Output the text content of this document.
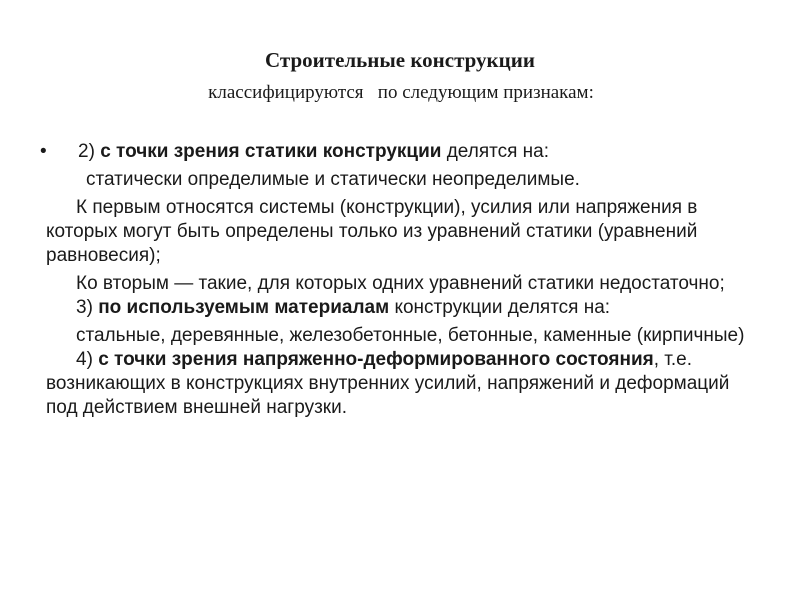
Строительные конструкции

классифицируются   по следующим признакам:

• 2) с точки зрения статики конструкции делятся на:

статически определимые и статически неопределимые.

К первым относятся системы (конструкции), усилия или напряжения в которых могут быть определены только из уравнений статики (уравнений равновесия);

Ко вторым — такие, для которых одних уравнений статики недостаточно;

3) по используемым материалам конструкции делятся на:

стальные, деревянные, железобетонные, бетонные, каменные (кирпичные)

4) с точки зрения напряженно-деформированного состояния, т.е. возникающих в конструкциях внутренних усилий, напряжений и деформаций под действием внешней нагрузки.
